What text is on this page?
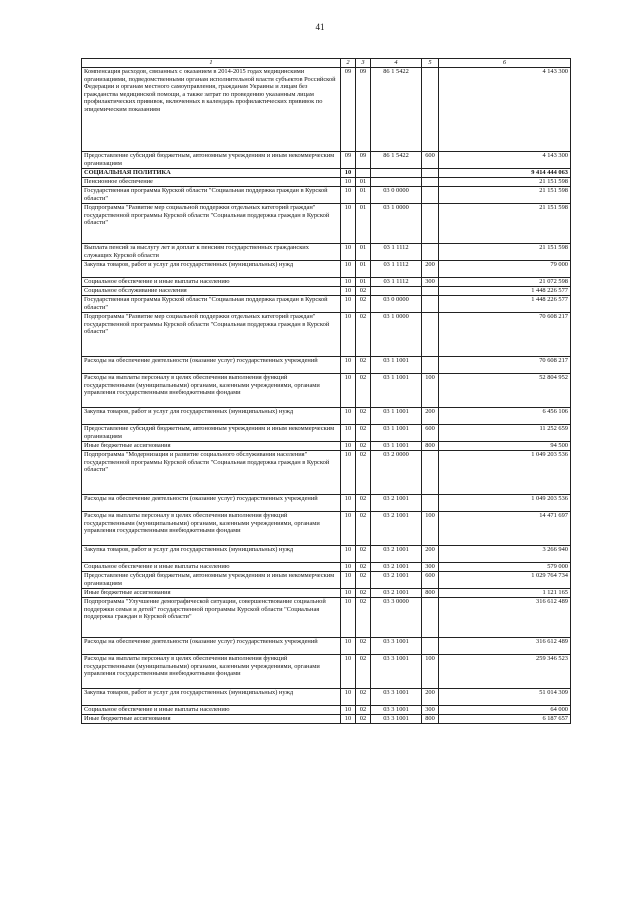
41
1	2	3	4	5	6
Компенсация расходов, связанных с оказанием в 2014-2015 годах медицинскими организациями, подведомственными органам исполнительной власти субъектов Российской Федерации и органам местного самоуправления, гражданам Украины и лицам без гражданства медицинской помощи, а также затрат по проведению указанным лицам профилактических прививок, включенных в календарь профилактических прививок по эпидемическим показаниям	09	09	86 1 5422		4 143 300
Предоставление субсидий бюджетным, автономным учреждениям и иным некоммерческим организациям	09	09	86 1 5422	600	4 143 300
СОЦИАЛЬНАЯ ПОЛИТИКА	10				9 414 444 063
Пенсионное обеспечение	10	01			21 151 598
Государственная программа Курской области "Социальная поддержка граждан в Курской области"	10	01	03 0 0000		21 151 598
Подпрограмма "Развитие мер социальной поддержки отдельных категорий граждан" государственной программы Курской области "Социальная поддержка граждан в Курской области"	10	01	03 1 0000		21 151 598
Выплата пенсий за выслугу лет и доплат к пенсиям государственных гражданских служащих Курской области	10	01	03 1 1112		21 151 598
Закупка товаров, работ и услуг для государственных (муниципальных) нужд	10	01	03 1 1112	200	79 000
Социальное обеспечение и иные выплаты населению	10	01	03 1 1112	300	21 072 598
Социальное обслуживание населения	10	02			1 448 226 577
Государственная программа Курской области "Социальная поддержка граждан в Курской области"	10	02	03 0 0000		1 448 226 577
Подпрограмма "Развитие мер социальной поддержки отдельных категорий граждан" государственной программы Курской области "Социальная поддержка граждан в Курской области"	10	02	03 1 0000		70 608 217
Расходы на обеспечение деятельности (оказание услуг) государственных учреждений	10	02	03 1 1001		70 608 217
Расходы на выплаты персоналу в целях обеспечения выполнения функций государственными (муниципальными) органами, казенными учреждениями, органами управления государственными внебюджетными фондами	10	02	03 1 1001	100	52 804 952
Закупка товаров, работ и услуг для государственных (муниципальных) нужд	10	02	03 1 1001	200	6 456 106
Предоставление субсидий бюджетным, автономным учреждениям и иным некоммерческим организациям	10	02	03 1 1001	600	11 252 659
Иные бюджетные ассигнования	10	02	03 1 1001	800	94 500
Подпрограмма "Модернизация и развитие социального обслуживания населения" государственной программы Курской области "Социальная поддержка граждан в Курской области"	10	02	03 2 0000		1 049 203 536
Расходы на обеспечение деятельности (оказание услуг) государственных учреждений	10	02	03 2 1001		1 049 203 536
Расходы на выплаты персоналу в целях обеспечения выполнения функций государственными (муниципальными) органами, казенными учреждениями, органами управления государственными внебюджетными фондами	10	02	03 2 1001	100	14 471 697
Закупка товаров, работ и услуг для государственных (муниципальных) нужд	10	02	03 2 1001	200	3 266 940
Социальное обеспечение и иные выплаты населению	10	02	03 2 1001	300	579 000
Предоставление субсидий бюджетным, автономным учреждениям и иным некоммерческим организациям	10	02	03 2 1001	600	1 029 764 734
Иные бюджетные ассигнования	10	02	03 2 1001	800	1 121 165
Подпрограмма "Улучшение демографической ситуации, совершенствование социальной поддержки семьи и детей" государственной программы Курской области "Социальная поддержка граждан в Курской области"	10	02	03 3 0000		316 612 489
Расходы на обеспечение деятельности (оказание услуг) государственных учреждений	10	02	03 3 1001		316 612 489
Расходы на выплаты персоналу в целях обеспечения выполнения функций государственными (муниципальными) органами, казенными учреждениями, органами управления государственными внебюджетными фондами	10	02	03 3 1001	100	259 346 523
Закупка товаров, работ и услуг для государственных (муниципальных) нужд	10	02	03 3 1001	200	51 014 309
Социальное обеспечение и иные выплаты населению	10	02	03 3 1001	300	64 000
Иные бюджетные ассигнования	10	02	03 3 1001	800	6 187 657
